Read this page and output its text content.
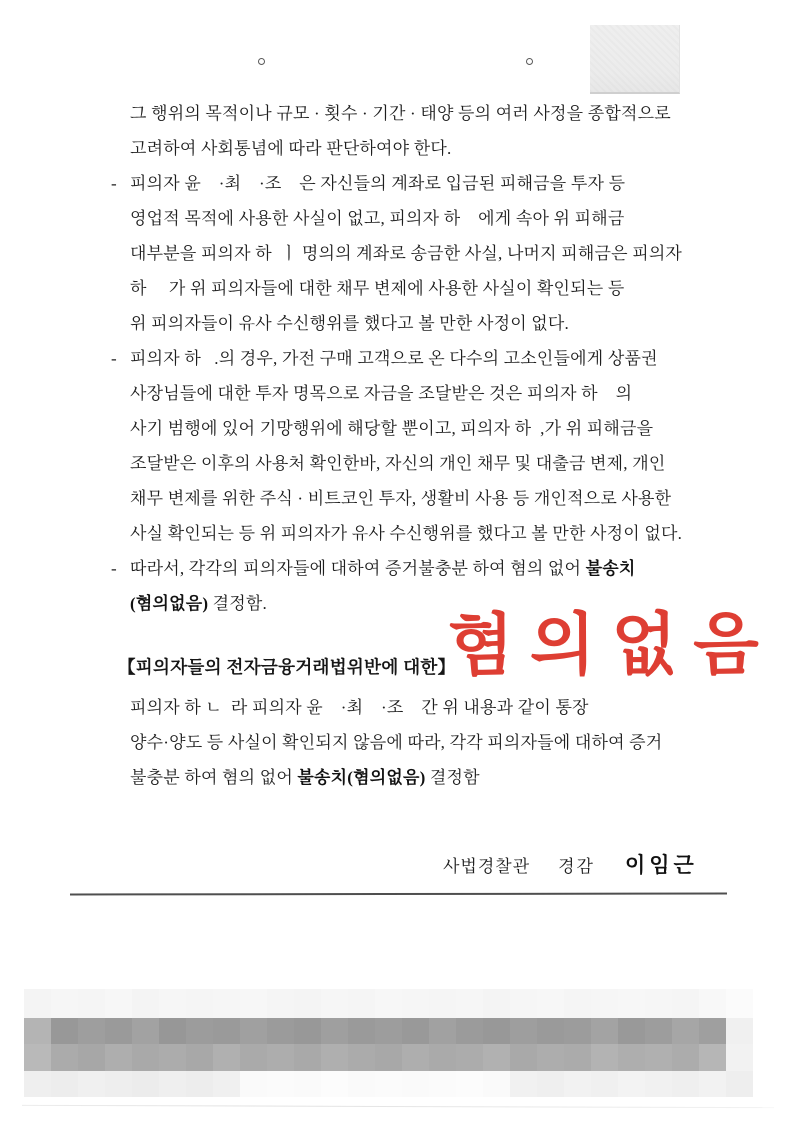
그 행위의 목적이나 규모 · 횟수 · 기간 · 태양 등의 여러 사정을 종합적으로
고려하여 사회통념에 따라 판단하여야 한다.
- 피의자 윤    ·최    ·조    은 자신들의 계좌로 입금된 피해금을 투자 등
영업적 목적에 사용한 사실이 없고, 피의자 하    에게 속아 위 피해금
대부분을 피의자 하  ㅣ 명의의 계좌로 송금한 사실, 나머지 피해금은 피의자
하     가 위 피의자들에 대한 채무 변제에 사용한 사실이 확인되는 등
위 피의자들이 유사 수신행위를 했다고 볼 만한 사정이 없다.
- 피의자 하   .의 경우, 가전 구매 고객으로 온 다수의 고소인들에게 상품권
사장님들에 대한 투자 명목으로 자금을 조달받은 것은 피의자 하    의
사기 범행에 있어 기망행위에 해당할 뿐이고, 피의자 하  ,가 위 피해금을
조달받은 이후의 사용처 확인한바, 자신의 개인 채무 및 대출금 변제, 개인
채무 변제를 위한 주식 · 비트코인 투자, 생활비 사용 등 개인적으로 사용한
사실 확인되는 등 위 피의자가 유사 수신행위를 했다고 볼 만한 사정이 없다.
- 따라서, 각각의 피의자들에 대하여 증거불충분 하여 혐의 없어 불송치
(혐의없음) 결정함.
피의자 하 ㄴ  라 피의자 윤    ·최    ·조    간 위 내용과 같이 통장
양수·양도 등 사실이 확인되지 않음에 따라, 각각 피의자들에 대하여 증거
불충분 하여 혐의 없어 불송치(혐의없음) 결정함
【피의자들의 전자금융거래법위반에 대한】
혐의없음
사법경찰관 경감 이임근
